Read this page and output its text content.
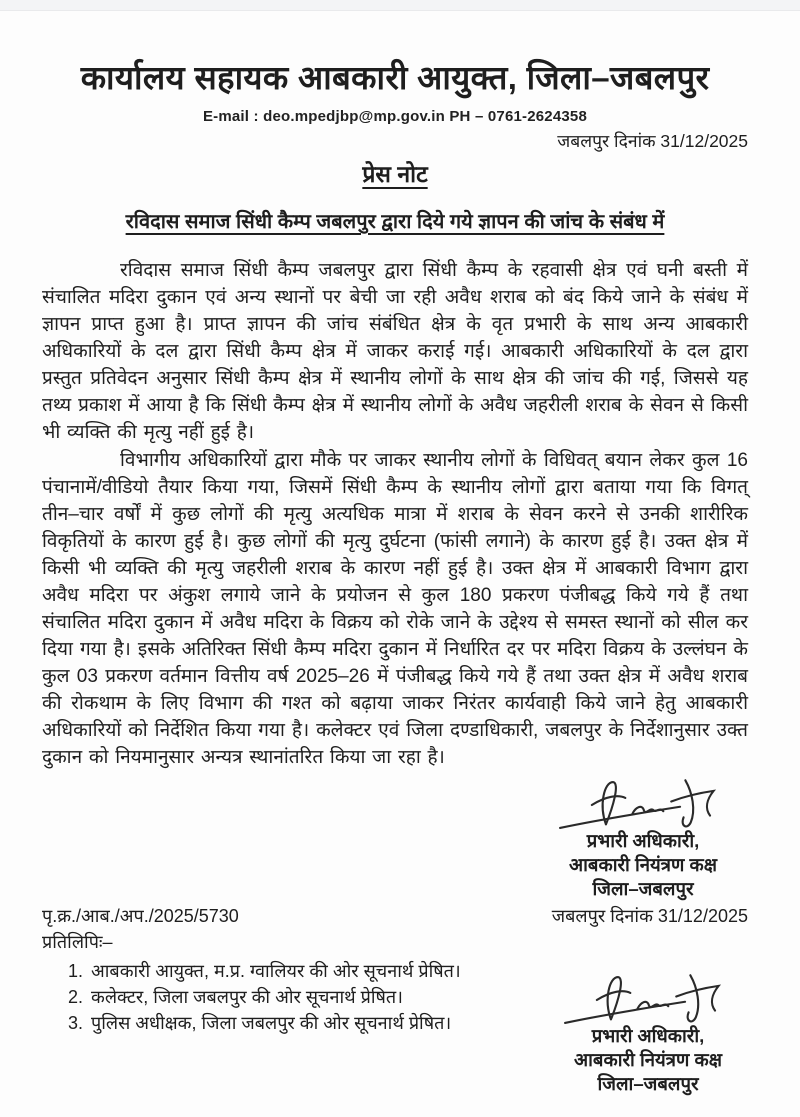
कार्यालय सहायक आबकारी आयुक्त, जिला–जबलपुर
E-mail : deo.mpedjbp@mp.gov.in PH – 0761-2624358
जबलपुर दिनांक 31/12/2025
प्रेस नोट
रविदास समाज सिंधी कैम्प जबलपुर द्वारा दिये गये ज्ञापन की जांच के संबंध में

रविदास समाज सिंधी कैम्प जबलपुर द्वारा सिंधी कैम्प के रहवासी क्षेत्र एवं घनी बस्ती में संचालित मदिरा दुकान एवं अन्य स्थानों पर बेची जा रही अवैध शराब को बंद किये जाने के संबंध में ज्ञापन प्राप्त हुआ है। प्राप्त ज्ञापन की जांच संबंधित क्षेत्र के वृत प्रभारी के साथ अन्य आबकारी अधिकारियों के दल द्वारा सिंधी कैम्प क्षेत्र में जाकर कराई गई। आबकारी अधिकारियों के दल द्वारा प्रस्तुत प्रतिवेदन अनुसार सिंधी कैम्प क्षेत्र में स्थानीय लोगों के साथ क्षेत्र की जांच की गई, जिससे यह तथ्य प्रकाश में आया है कि सिंधी कैम्प क्षेत्र में स्थानीय लोगों के अवैध जहरीली शराब के सेवन से किसी भी व्यक्ति की मृत्यु नहीं हुई है।

विभागीय अधिकारियों द्वारा मौके पर जाकर स्थानीय लोगों के विधिवत् बयान लेकर कुल 16 पंचानामें/वीडियो तैयार किया गया, जिसमें सिंधी कैम्प के स्थानीय लोगों द्वारा बताया गया कि विगत् तीन–चार वर्षों में कुछ लोगों की मृत्यु अत्यधिक मात्रा में शराब के सेवन करने से उनकी शारीरिक विकृतियों के कारण हुई है। कुछ लोगों की मृत्यु दुर्घटना (फांसी लगाने) के कारण हुई है। उक्त क्षेत्र में किसी भी व्यक्ति की मृत्यु जहरीली शराब के कारण नहीं हुई है। उक्त क्षेत्र में आबकारी विभाग द्वारा अवैध मदिरा पर अंकुश लगाये जाने के प्रयोजन से कुल 180 प्रकरण पंजीबद्ध किये गये हैं तथा संचालित मदिरा दुकान में अवैध मदिरा के विक्रय को रोके जाने के उद्देश्य से समस्त स्थानों को सील कर दिया गया है। इसके अतिरिक्त सिंधी कैम्प मदिरा दुकान में निर्धारित दर पर मदिरा विक्रय के उल्लंघन के कुल 03 प्रकरण वर्तमान वित्तीय वर्ष 2025–26 में पंजीबद्ध किये गये हैं तथा उक्त क्षेत्र में अवैध शराब की रोकथाम के लिए विभाग की गश्त को बढ़ाया जाकर निरंतर कार्यवाही किये जाने हेतु आबकारी अधिकारियों को निर्देशित किया गया है। कलेक्टर एवं जिला दण्डाधिकारी, जबलपुर के निर्देशानुसार उक्त दुकान को नियमानुसार अन्यत्र स्थानांतरित किया जा रहा है।

प्रभारी अधिकारी,
आबकारी नियंत्रण कक्ष
जिला–जबलपुर
पृ.क्र./आब./अप./2025/5730	जबलपुर दिनांक 31/12/2025
प्रतिलिपिः–
1. आबकारी आयुक्त, म.प्र. ग्वालियर की ओर सूचनार्थ प्रेषित।
2. कलेक्टर, जिला जबलपुर की ओर सूचनार्थ प्रेषित।
3. पुलिस अधीक्षक, जिला जबलपुर की ओर सूचनार्थ प्रेषित।
प्रभारी अधिकारी,
आबकारी नियंत्रण कक्ष
जिला–जबलपुर
